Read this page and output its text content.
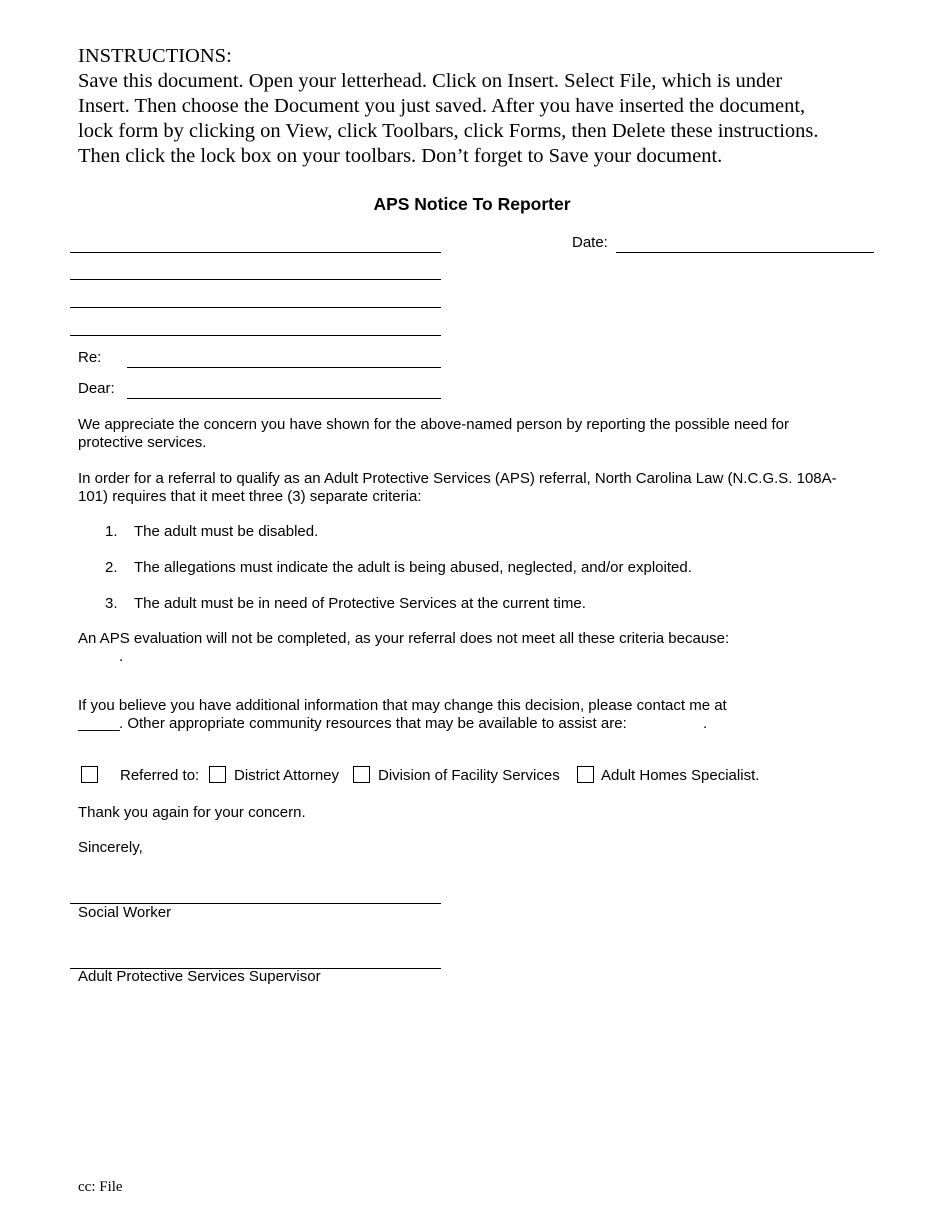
INSTRUCTIONS:
Save this document. Open your letterhead. Click on Insert. Select File, which is under
Insert. Then choose the Document you just saved. After you have inserted the document,
lock form by clicking on View, click Toolbars, click Forms, then Delete these instructions.
Then click the lock box on your toolbars. Don’t forget to Save your document.
APS Notice To Reporter
Date:
Re:
Dear:
We appreciate the concern you have shown for the above-named person by reporting the possible need for protective services.
In order for a referral to qualify as an Adult Protective Services (APS) referral, North Carolina Law (N.C.G.S. 108A-101) requires that it meet three (3) separate criteria:
1. The adult must be disabled.
2. The allegations must indicate the adult is being abused, neglected, and/or exploited.
3. The adult must be in need of Protective Services at the current time.
An APS evaluation will not be completed, as your referral does not meet all these criteria because:
.
If you believe you have additional information that may change this decision, please contact me at
_____ . Other appropriate community resources that may be available to assist are:	.
Referred to: District Attorney	Division of Facility Services	Adult Homes Specialist.
Thank you again for your concern.
Sincerely,
Social Worker
Adult Protective Services Supervisor
cc: File
